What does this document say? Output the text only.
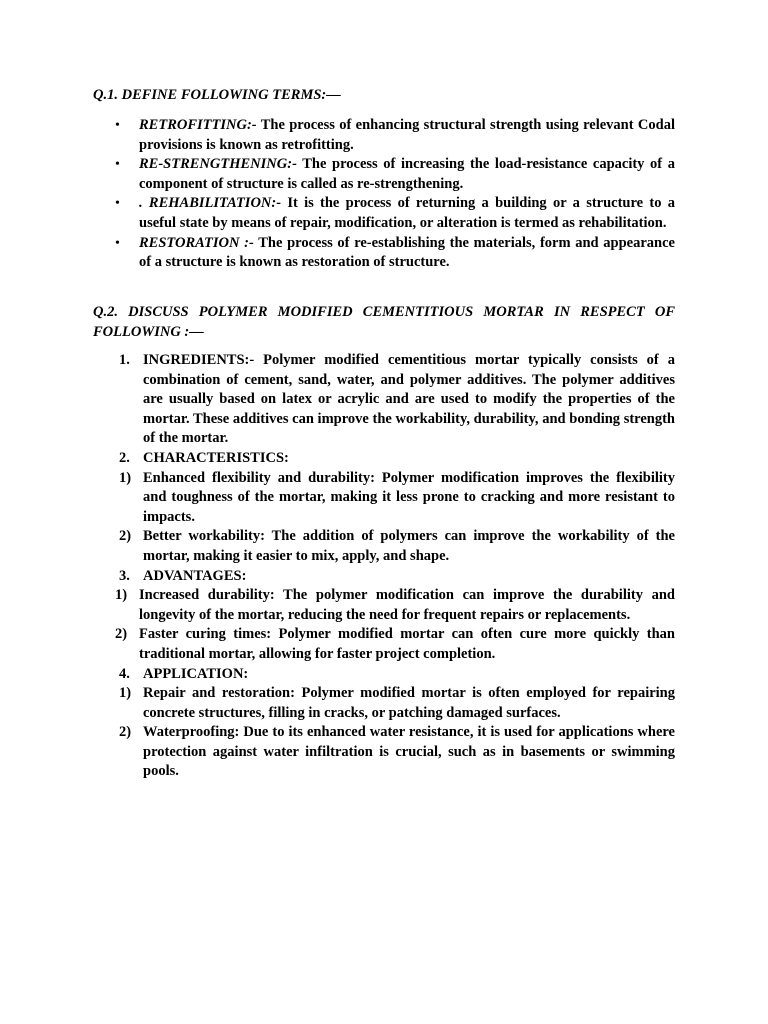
Q.1. DEFINE FOLLOWING TERMS:—

• RETROFITTING:- The process of enhancing structural strength using relevant Codal provisions is known as retrofitting.
• RE-STRENGTHENING:- The process of increasing the load-resistance capacity of a component of structure is called as re-strengthening.
• . REHABILITATION:- It is the process of returning a building or a structure to a useful state by means of repair, modification, or alteration is termed as rehabilitation.
• RESTORATION :- The process of re-establishing the materials, form and appearance of a structure is known as restoration of structure.

Q.2. DISCUSS POLYMER MODIFIED CEMENTITIOUS MORTAR IN RESPECT OF FOLLOWING :—

1. INGREDIENTS:- Polymer modified cementitious mortar typically consists of a combination of cement, sand, water, and polymer additives. The polymer additives are usually based on latex or acrylic and are used to modify the properties of the mortar. These additives can improve the workability, durability, and bonding strength of the mortar.
2. CHARACTERISTICS:
1) Enhanced flexibility and durability: Polymer modification improves the flexibility and toughness of the mortar, making it less prone to cracking and more resistant to impacts.
2) Better workability: The addition of polymers can improve the workability of the mortar, making it easier to mix, apply, and shape.
3. ADVANTAGES:
1) Increased durability: The polymer modification can improve the durability and longevity of the mortar, reducing the need for frequent repairs or replacements.
2) Faster curing times: Polymer modified mortar can often cure more quickly than traditional mortar, allowing for faster project completion.
4. APPLICATION:
1) Repair and restoration: Polymer modified mortar is often employed for repairing concrete structures, filling in cracks, or patching damaged surfaces.
2) Waterproofing: Due to its enhanced water resistance, it is used for applications where protection against water infiltration is crucial, such as in basements or swimming pools.
